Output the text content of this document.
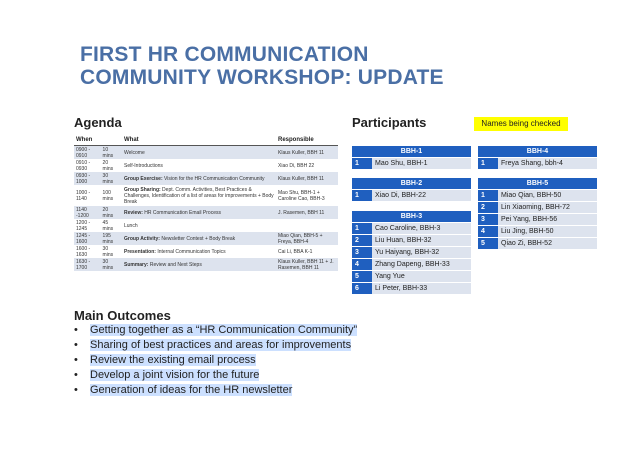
FIRST HR COMMUNICATION
COMMUNITY WORKSHOP: UPDATE
Agenda
When		What	Responsible
0900 - 0910	10 mins	Welcome	Klaus Kuller, BBH 11
0910 - 0930	20 mins	Self-Introductions	Xiao Di, BBH 22
0930 - 1000	30 mins	Group Exercise: Vision for the HR Communication Community	Klaus Kuller, BBH 11
1000 - 1140	100 mins	Group Sharing: Dept. Comm. Activities, Best Practices & Challenges, Identification of a list of areas for improvements + Body Break	Mao Shu, BBH-1 + Caroline Cao, BBH-3
1140 -1200	20 mins	Review: HR Communication Email Process	J. Rasemen, BBH 11
1200 - 1245	45 mins	Lunch	
1245 - 1600	195 mins	Group Activity: Newsletter Contest + Body Break	Miao Qian, BBH-5 + Freya, BBH-4
1600 - 1630	30 mins	Presentation: Internal Communication Topics	Cai Li, BBA K-1
1630 - 1700	30 mins	Summary: Review and Next Steps	Klaus Kuller, BBH 11 + J. Rasemen, BBH 11
Participants	Names being checked
BBH-1
1	Mao Shu, BBH-1
BBH-2
1	Xiao Di, BBH-22
BBH-3	
1	Cao Caroline, BBH-3
2	Liu Huan, BBH-32
3	Yu Haiyang, BBH-32
4	Zhang Dapeng, BBH-33
5	Yang Yue
6	Li Peter, BBH-33
BBH-4
1	Freya Shang, bbh-4
BBH-5	
1	Miao Qian, BBH-50
2	Lin Xiaoming, BBH-72
3	Pei Yang, BBH-56
4	Liu Jing, BBH-50
5	Qiao Zi, BBH-52
Main Outcomes
• Getting together as a “HR Communication Community”
• Sharing of best practices and areas for improvements
• Review the existing email process
• Develop a joint vision for the future
• Generation of ideas for the HR newsletter
